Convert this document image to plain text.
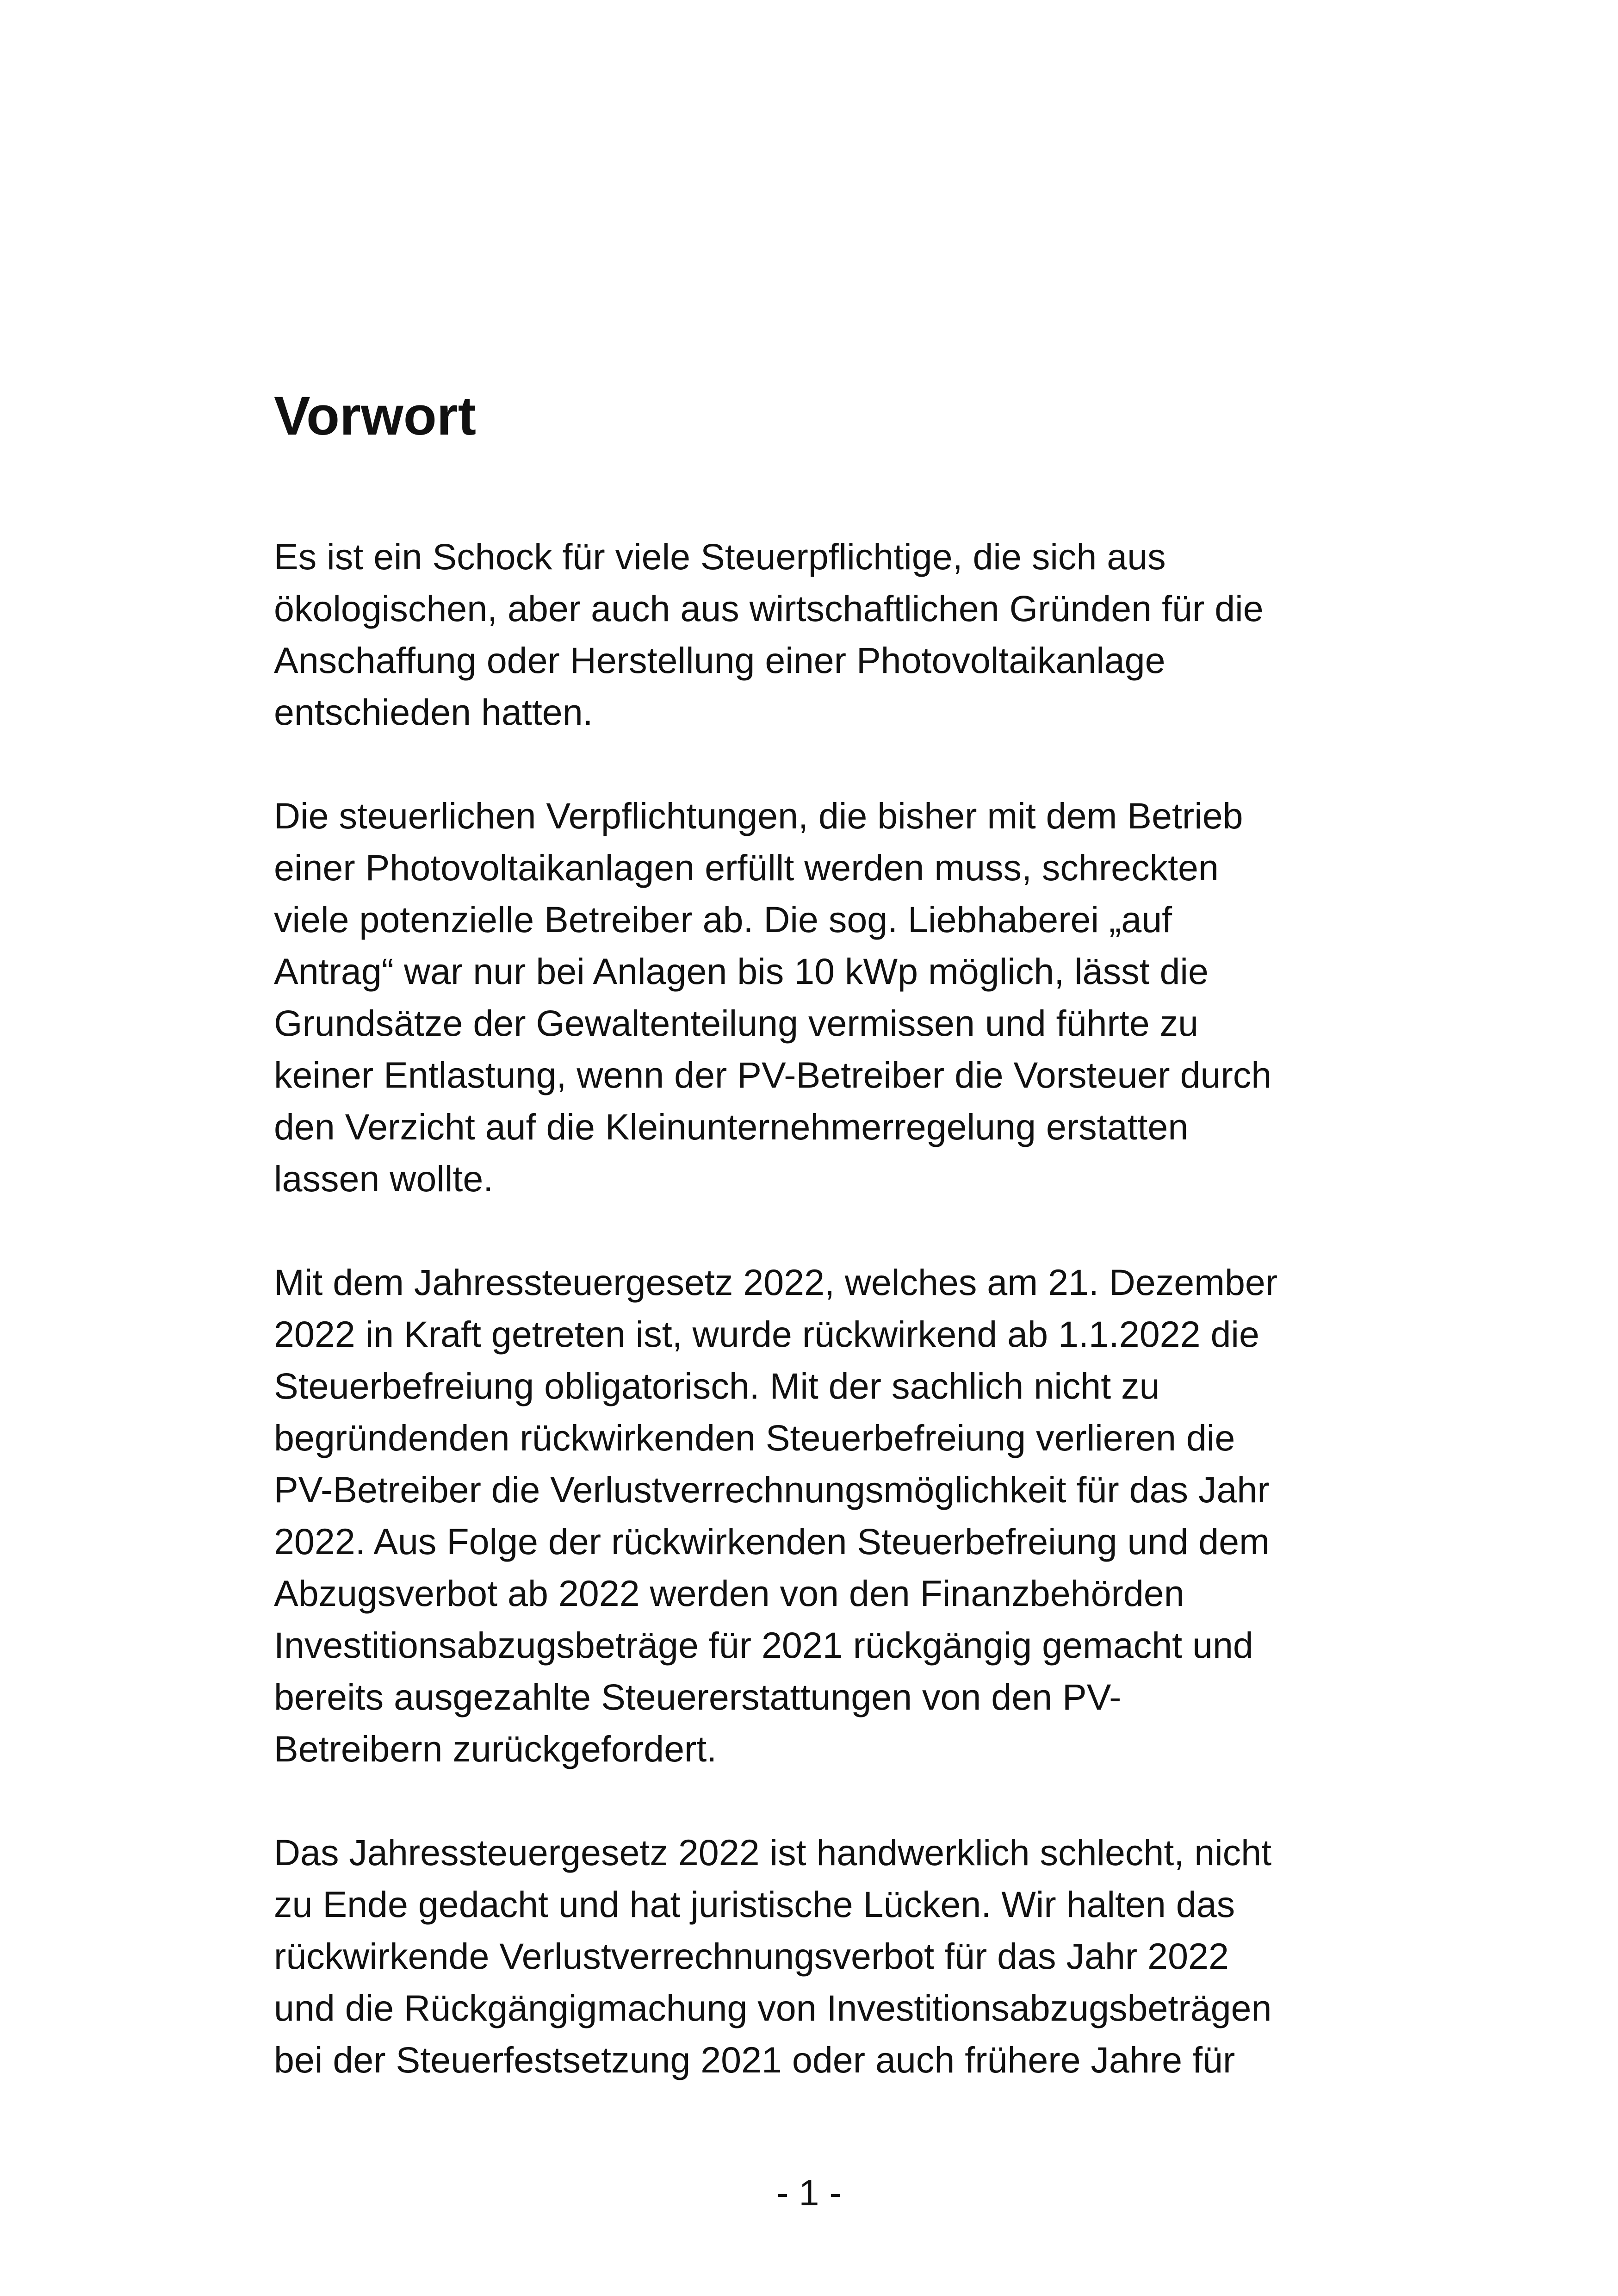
Vorwort

Es ist ein Schock für viele Steuerpflichtige, die sich aus
ökologischen, aber auch aus wirtschaftlichen Gründen für die
Anschaffung oder Herstellung einer Photovoltaikanlage
entschieden hatten.

Die steuerlichen Verpflichtungen, die bisher mit dem Betrieb
einer Photovoltaikanlagen erfüllt werden muss, schreckten
viele potenzielle Betreiber ab. Die sog. Liebhaberei „auf
Antrag“ war nur bei Anlagen bis 10 kWp möglich, lässt die
Grundsätze der Gewaltenteilung vermissen und führte zu
keiner Entlastung, wenn der PV-Betreiber die Vorsteuer durch
den Verzicht auf die Kleinunternehmerregelung erstatten
lassen wollte.

Mit dem Jahressteuergesetz 2022, welches am 21. Dezember
2022 in Kraft getreten ist, wurde rückwirkend ab 1.1.2022 die
Steuerbefreiung obligatorisch. Mit der sachlich nicht zu
begründenden rückwirkenden Steuerbefreiung verlieren die
PV-Betreiber die Verlustverrechnungsmöglichkeit für das Jahr
2022. Aus Folge der rückwirkenden Steuerbefreiung und dem
Abzugsverbot ab 2022 werden von den Finanzbehörden
Investitionsabzugsbeträge für 2021 rückgängig gemacht und
bereits ausgezahlte Steuererstattungen von den PV-
Betreibern zurückgefordert.

Das Jahressteuergesetz 2022 ist handwerklich schlecht, nicht
zu Ende gedacht und hat juristische Lücken. Wir halten das
rückwirkende Verlustverrechnungsverbot für das Jahr 2022
und die Rückgängigmachung von Investitionsabzugsbeträgen
bei der Steuerfestsetzung 2021 oder auch frühere Jahre für

- 1 -
